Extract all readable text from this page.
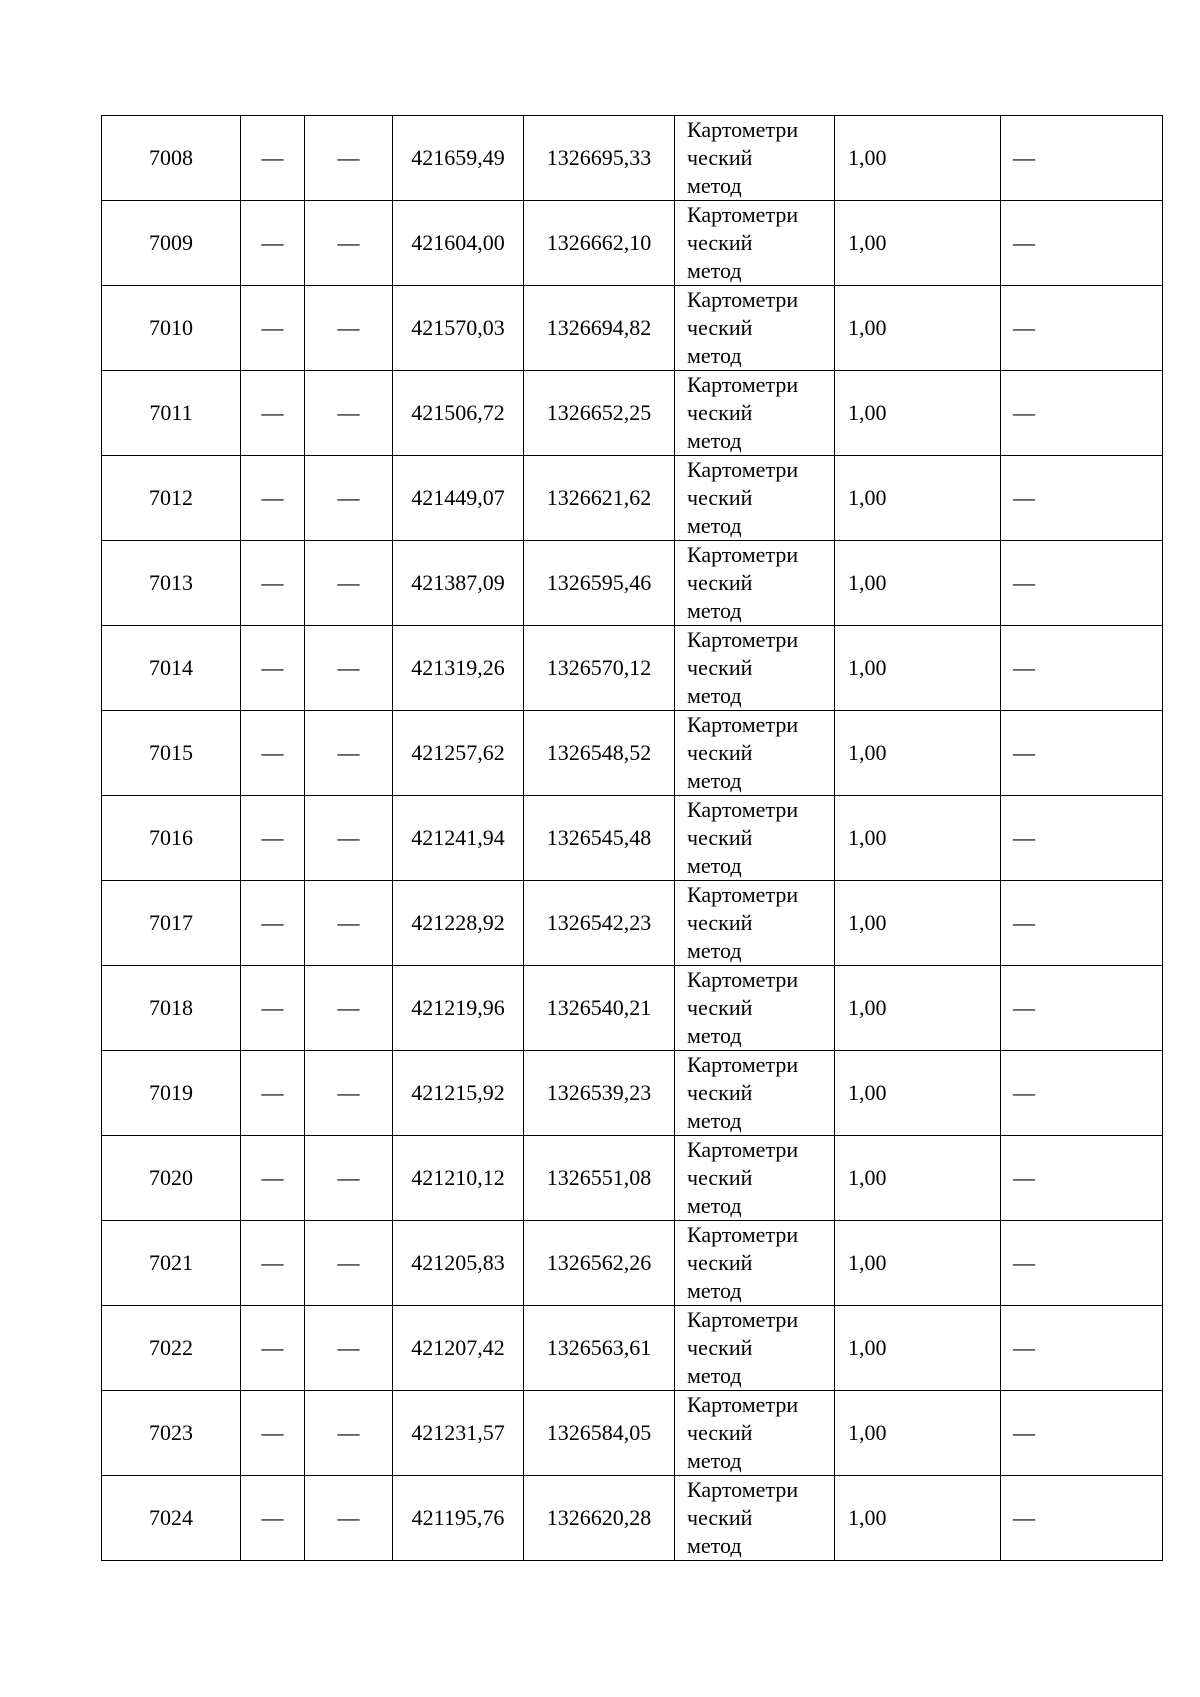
7008	—	—	421659,49	1326695,33	Картометри
ческий
метод	1,00	—
7009	—	—	421604,00	1326662,10	Картометри
ческий
метод	1,00	—
7010	—	—	421570,03	1326694,82	Картометри
ческий
метод	1,00	—
7011	—	—	421506,72	1326652,25	Картометри
ческий
метод	1,00	—
7012	—	—	421449,07	1326621,62	Картометри
ческий
метод	1,00	—
7013	—	—	421387,09	1326595,46	Картометри
ческий
метод	1,00	—
7014	—	—	421319,26	1326570,12	Картометри
ческий
метод	1,00	—
7015	—	—	421257,62	1326548,52	Картометри
ческий
метод	1,00	—
7016	—	—	421241,94	1326545,48	Картометри
ческий
метод	1,00	—
7017	—	—	421228,92	1326542,23	Картометри
ческий
метод	1,00	—
7018	—	—	421219,96	1326540,21	Картометри
ческий
метод	1,00	—
7019	—	—	421215,92	1326539,23	Картометри
ческий
метод	1,00	—
7020	—	—	421210,12	1326551,08	Картометри
ческий
метод	1,00	—
7021	—	—	421205,83	1326562,26	Картометри
ческий
метод	1,00	—
7022	—	—	421207,42	1326563,61	Картометри
ческий
метод	1,00	—
7023	—	—	421231,57	1326584,05	Картометри
ческий
метод	1,00	—
7024	—	—	421195,76	1326620,28	Картометри
ческий
метод	1,00	—
